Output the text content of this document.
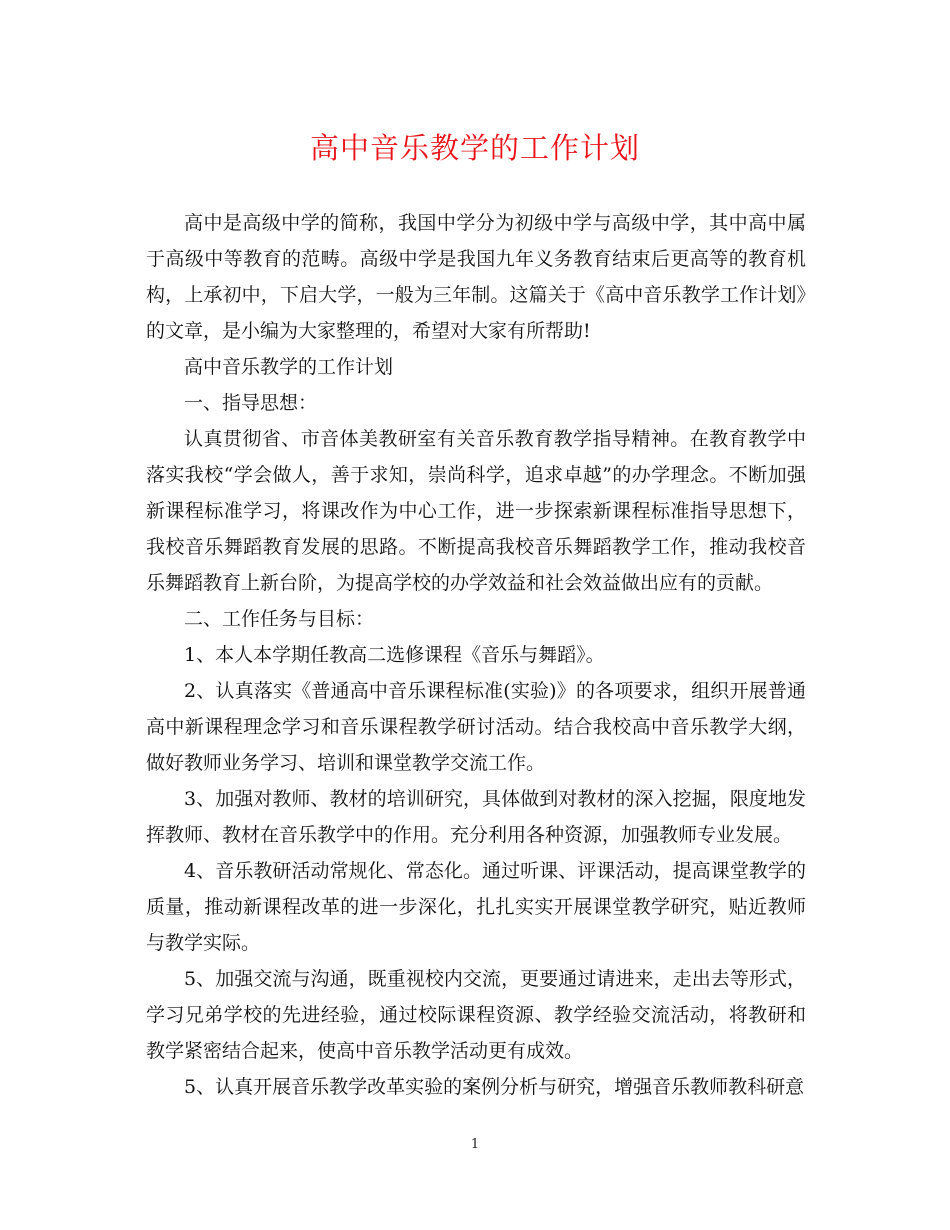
高中音乐教学的工作计划

高中是高级中学的简称，我国中学分为初级中学与高级中学，其中高中属于高级中等教育的范畴。高级中学是我国九年义务教育结束后更高等的教育机构，上承初中，下启大学，一般为三年制。这篇关于《高中音乐教学工作计划》的文章，是小编为大家整理的，希望对大家有所帮助!

高中音乐教学的工作计划

一、指导思想：

认真贯彻省、市音体美教研室有关音乐教育教学指导精神。在教育教学中落实我校“学会做人，善于求知，崇尚科学，追求卓越”的办学理念。不断加强新课程标准学习，将课改作为中心工作，进一步探索新课程标准指导思想下，我校音乐舞蹈教育发展的思路。不断提高我校音乐舞蹈教学工作，推动我校音乐舞蹈教育上新台阶，为提高学校的办学效益和社会效益做出应有的贡献。

二、工作任务与目标：

1、本人本学期任教高二选修课程《音乐与舞蹈》。

2、认真落实《普通高中音乐课程标准(实验)》的各项要求，组织开展普通高中新课程理念学习和音乐课程教学研讨活动。结合我校高中音乐教学大纲，做好教师业务学习、培训和课堂教学交流工作。

3、加强对教师、教材的培训研究，具体做到对教材的深入挖掘，限度地发挥教师、教材在音乐教学中的作用。充分利用各种资源，加强教师专业发展。

4、音乐教研活动常规化、常态化。通过听课、评课活动，提高课堂教学的质量，推动新课程改革的进一步深化，扎扎实实开展课堂教学研究，贴近教师与教学实际。

5、加强交流与沟通，既重视校内交流，更要通过请进来，走出去等形式，学习兄弟学校的先进经验，通过校际课程资源、教学经验交流活动，将教研和教学紧密结合起来，使高中音乐教学活动更有成效。

5、认真开展音乐教学改革实验的案例分析与研究，增强音乐教师教科研意

1
